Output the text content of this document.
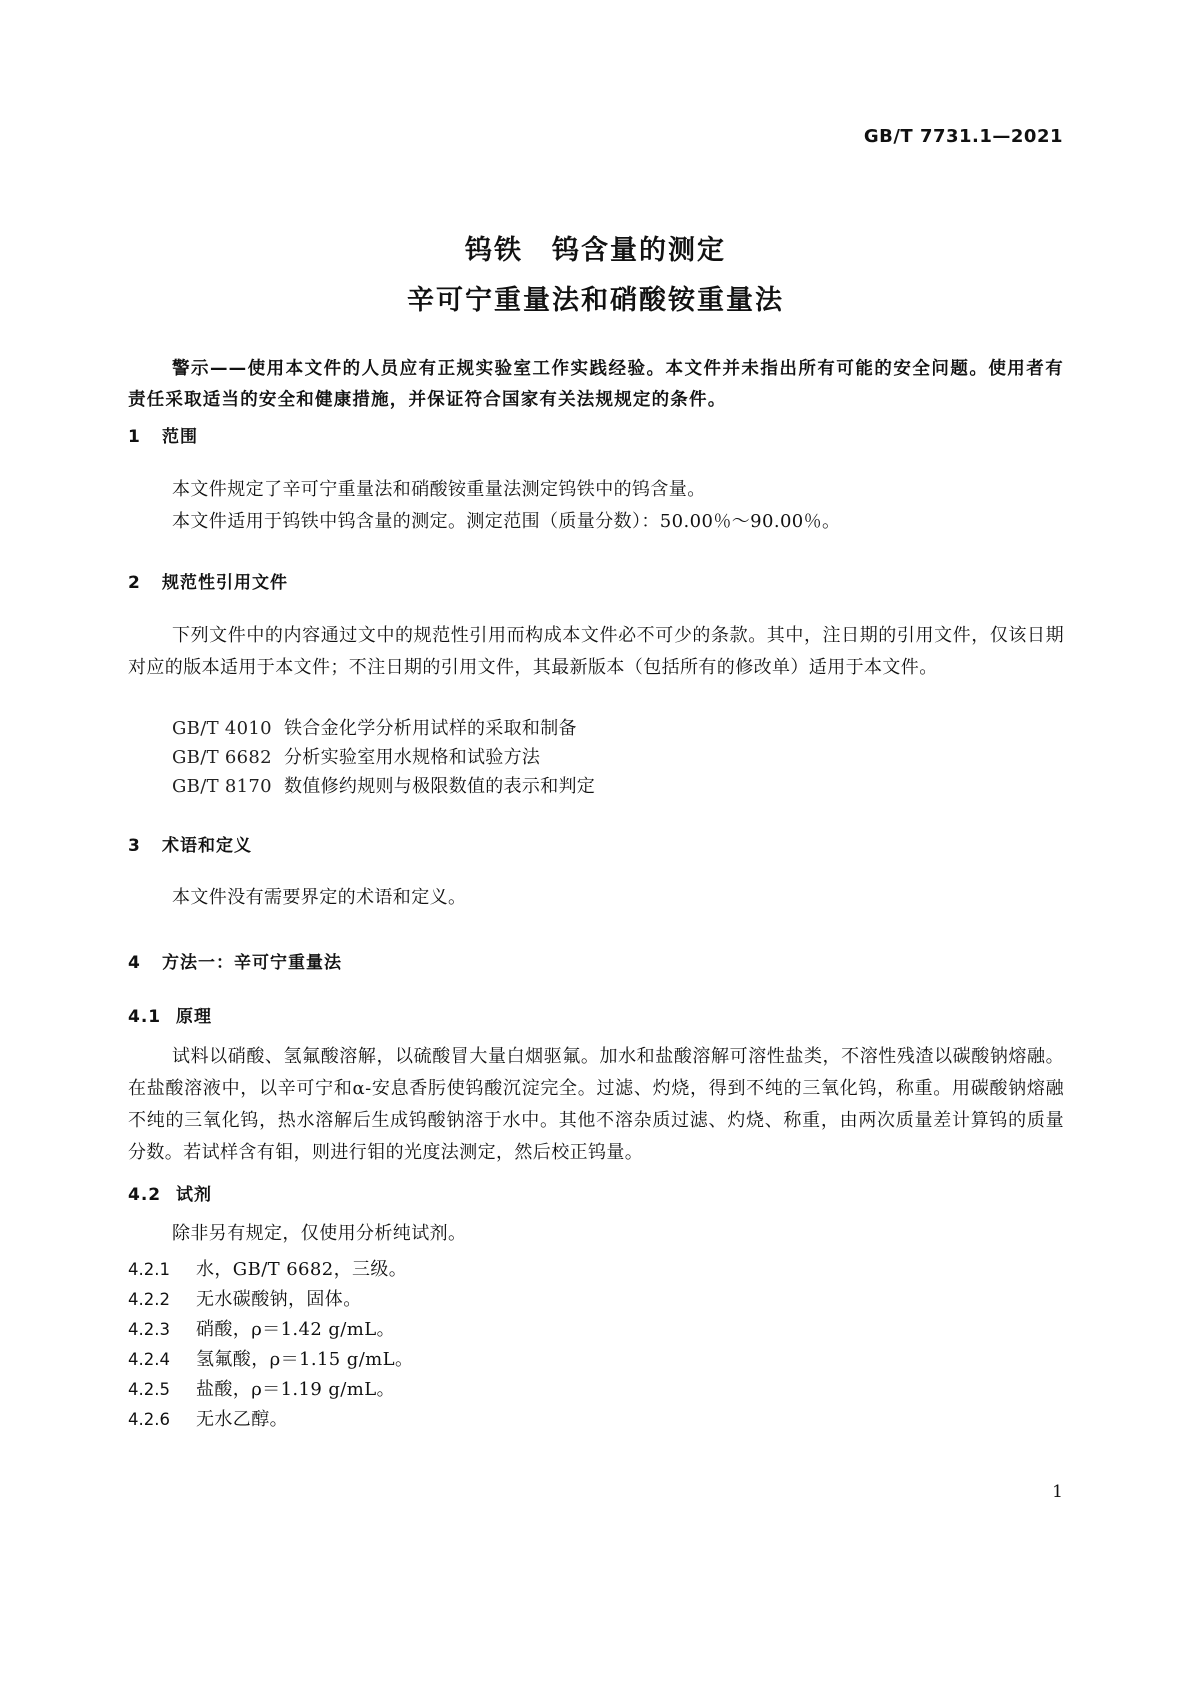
GB/T 7731.1—2021
钨铁　钨含量的测定
辛可宁重量法和硝酸铵重量法
警示——使用本文件的人员应有正规实验室工作实践经验。本文件并未指出所有可能的安全问题。使用者有责任采取适当的安全和健康措施，并保证符合国家有关法规规定的条件。
1 范围

本文件规定了辛可宁重量法和硝酸铵重量法测定钨铁中的钨含量。

本文件适用于钨铁中钨含量的测定。测定范围（质量分数）：50.00％～90.00％。

2 规范性引用文件

下列文件中的内容通过文中的规范性引用而构成本文件必不可少的条款。其中，注日期的引用文件，仅该日期对应的版本适用于本文件；不注日期的引用文件，其最新版本（包括所有的修改单）适用于本文件。

GB/T 4010 铁合金化学分析用试样的采取和制备
GB/T 6682 分析实验室用水规格和试验方法
GB/T 8170 数值修约规则与极限数值的表示和判定
3 术语和定义

本文件没有需要界定的术语和定义。

4 方法一：辛可宁重量法
4.1 原理

试料以硝酸、氢氟酸溶解，以硫酸冒大量白烟驱氟。加水和盐酸溶解可溶性盐类，不溶性残渣以碳酸钠熔融。在盐酸溶液中，以辛可宁和α-安息香肟使钨酸沉淀完全。过滤、灼烧，得到不纯的三氧化钨，称重。用碳酸钠熔融不纯的三氧化钨，热水溶解后生成钨酸钠溶于水中。其他不溶杂质过滤、灼烧、称重，由两次质量差计算钨的质量分数。若试样含有钼，则进行钼的光度法测定，然后校正钨量。

4.2 试剂

除非另有规定，仅使用分析纯试剂。

4.2.1 水，GB/T 6682，三级。
4.2.2 无水碳酸钠，固体。
4.2.3 硝酸，ρ＝1.42 g/mL。
4.2.4 氢氟酸，ρ＝1.15 g/mL。
4.2.5 盐酸，ρ＝1.19 g/mL。
4.2.6 无水乙醇。
1
